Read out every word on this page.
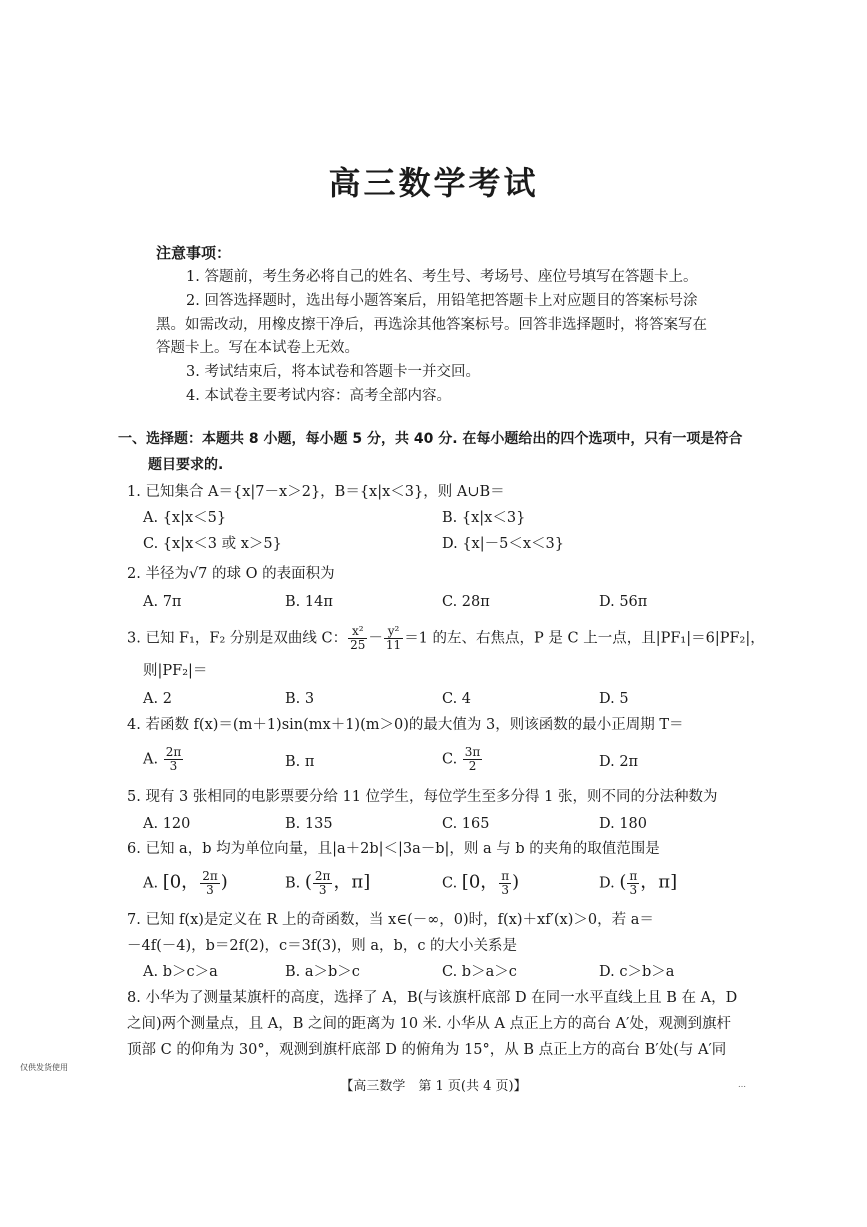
高三数学考试
注意事项：
1. 答题前，考生务必将自己的姓名、考生号、考场号、座位号填写在答题卡上。
2. 回答选择题时，选出每小题答案后，用铅笔把答题卡上对应题目的答案标号涂
黑。如需改动，用橡皮擦干净后，再选涂其他答案标号。回答非选择题时，将答案写在
答题卡上。写在本试卷上无效。
3. 考试结束后，将本试卷和答题卡一并交回。
4. 本试卷主要考试内容：高考全部内容。
一、选择题：本题共 8 小题，每小题 5 分，共 40 分. 在每小题给出的四个选项中，只有一项是符合
题目要求的.
1. 已知集合 A＝{x|7－x＞2}，B＝{x|x＜3}，则 A∪B＝
A. {x|x＜5}	B. {x|x＜3}
C. {x|x＜3 或 x＞5}	D. {x|－5＜x＜3}
2. 半径为√7 的球 O 的表面积为
A. 7π	B. 14π	C. 28π	D. 56π
3. 已知 F₁，F₂ 分别是双曲线 C： $\frac{\text{x²}}{25} - \frac{\text{y²}}{11} =1$ 的左、右焦点，P 是 C 上一点，且|PF₁|＝6|PF₂|，
则|PF₂|＝
A. 2	B. 3	C. 4	D. 5
4. 若函数 f(x)＝(m＋1)sin(mx＋1)(m＞0)的最大值为 3，则该函数的最小正周期 T＝
A. $\frac{2\pi}{3}$	B. π	C. $\frac{3\pi}{2}$	D. 2π
5. 现有 3 张相同的电影票要分给 11 位学生，每位学生至多分得 1 张，则不同的分法种数为
A. 120	B. 135	C. 165	D. 180
6. 已知 a，b 均为单位向量，且|a＋2b|＜|3a－b|，则 a 与 b 的夹角的取值范围是
A. [0， $\frac{2\pi}{3}$ )	B. ( $\frac{2\pi}{3}$ ，π]	C. [0， $\frac{\pi}{3}$ )	D. ( $\frac{\pi}{3}$ ，π]
7. 已知 f(x)是定义在 R 上的奇函数，当 x∈(－∞，0)时，f(x)＋xf′(x)＞0，若 a＝
－4f(－4)，b＝2f(2)，c＝3f(3)，则 a，b，c 的大小关系是
A. b＞c＞a	B. a＞b＞c	C. b＞a＞c	D. c＞b＞a
8. 小华为了测量某旗杆的高度，选择了 A，B(与该旗杆底部 D 在同一水平直线上且 B 在 A，D
之间)两个测量点，且 A，B 之间的距离为 10 米. 小华从 A 点正上方的高台 A′处，观测到旗杆
顶部 C 的仰角为 30°，观测到旗杆底部 D 的俯角为 15°，从 B 点正上方的高台 B′处(与 A′同
仅供发货使用
【高三数学　第 1 页(共 4 页)】	…
